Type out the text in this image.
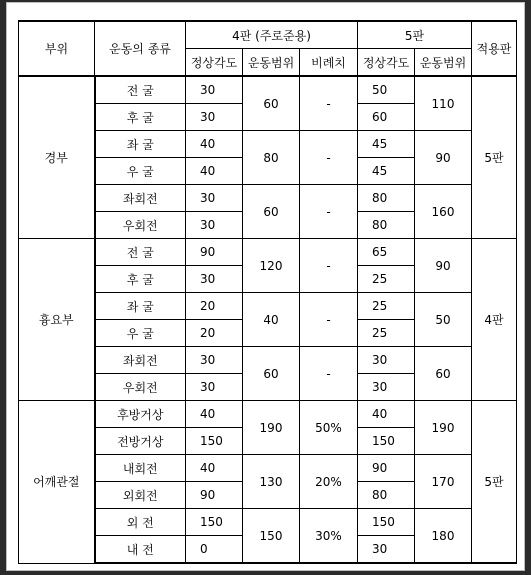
부위	운동의 종류	4판 (주로준용)			5판		적용판
		정상각도	운동범위	비례치	정상각도	운동범위	
경부	전 굴	30	60	-	50	110	5판
	후 굴	30			60		
	좌 굴	40	80	-	45	90	
	우 굴	40			45		
	좌회전	30	60	-	80	160	
	우회전	30			80		
흉요부	전 굴	90	120	-	65	90	4판
	후 굴	30			25		
	좌 굴	20	40	-	25	50	
	우 굴	20			25		
	좌회전	30	60	-	30	60	
	우회전	30			30		
어깨관절	후방거상	40	190	50%	40	190	5판
	전방거상	150			150		
	내회전	40	130	20%	90	170	
	외회전	90			80		
	외 전	150	150	30%	150	180	
	내 전	0			30		
